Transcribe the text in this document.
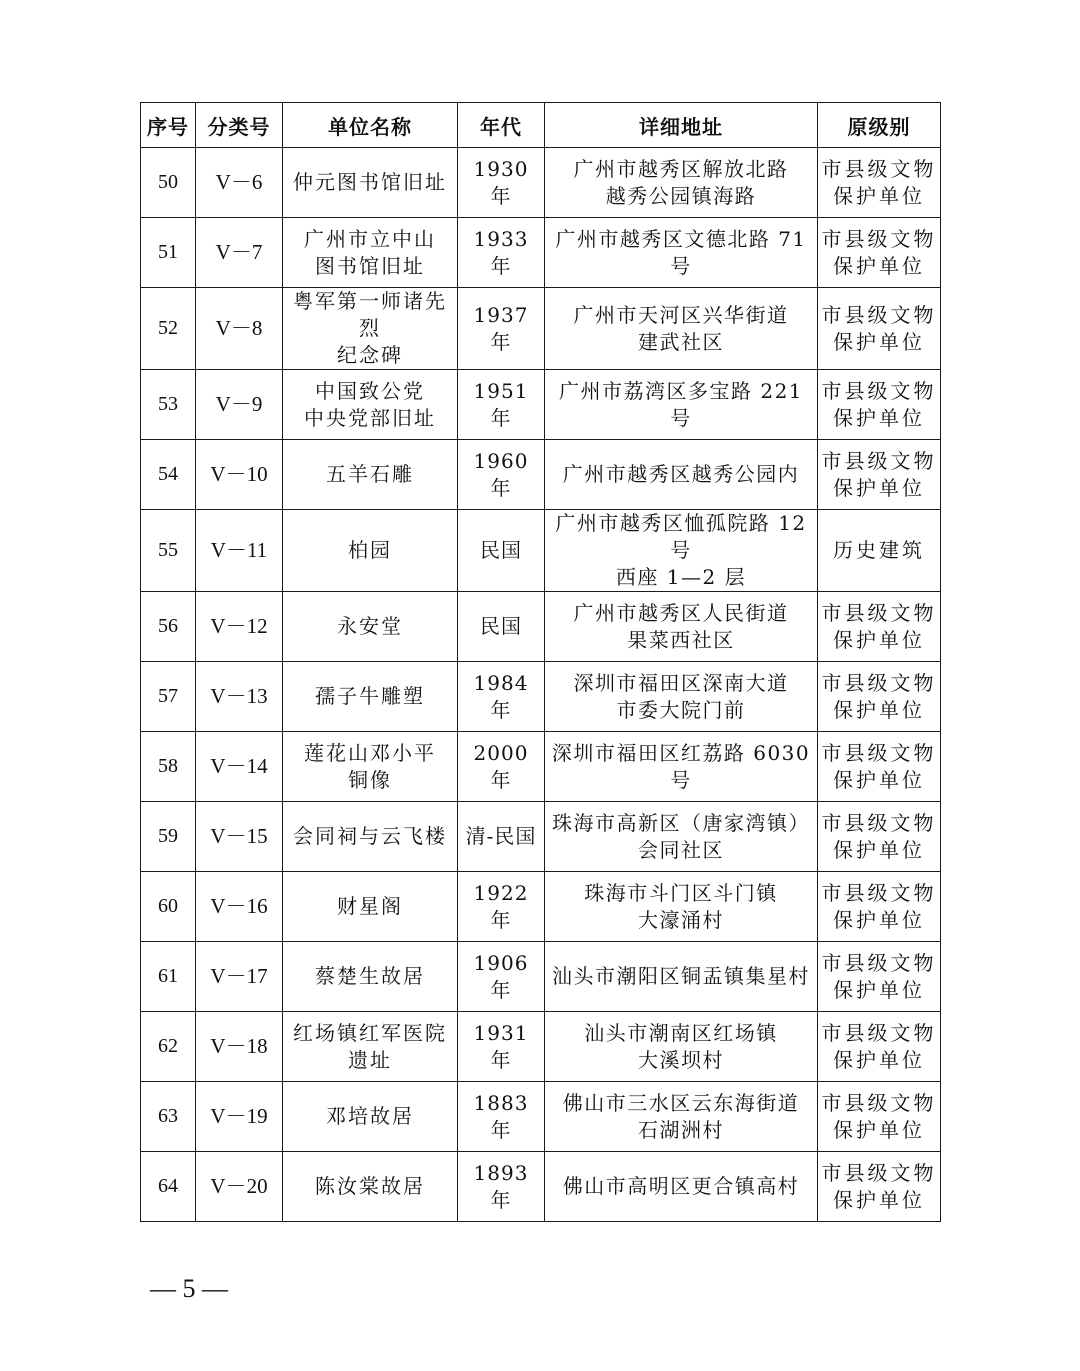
序号	分类号	单位名称	年代	详细地址	原级别
50	V－6	仲元图书馆旧址	1930 年	广州市越秀区解放北路
越秀公园镇海路	市县级文物
保护单位

51	V－7	广州市立中山
图书馆旧址	1933 年	广州市越秀区文德北路 71 号	市县级文物
保护单位

52	V－8	粤军第一师诸先烈
纪念碑	1937 年	广州市天河区兴华街道
建武社区	市县级文物
保护单位

53	V－9	中国致公党
中央党部旧址	1951 年	广州市荔湾区多宝路 221 号	市县级文物
保护单位

54	V－10	五羊石雕	1960 年	广州市越秀区越秀公园内	市县级文物
保护单位

55	V－11	柏园	民国	广州市越秀区恤孤院路 12 号
西座 1—2 层	历史建筑

56	V－12	永安堂	民国	广州市越秀区人民街道
果菜西社区	市县级文物
保护单位

57	V－13	孺子牛雕塑	1984 年	深圳市福田区深南大道
市委大院门前	市县级文物
保护单位

58	V－14	莲花山邓小平
铜像	2000 年	深圳市福田区红荔路 6030 号	市县级文物
保护单位

59	V－15	会同祠与云飞楼	清-民国	珠海市高新区（唐家湾镇）
会同社区	市县级文物
保护单位

60	V－16	财星阁	1922 年	珠海市斗门区斗门镇
大濠涌村	市县级文物
保护单位

61	V－17	蔡楚生故居	1906 年	汕头市潮阳区铜盂镇集星村	市县级文物
保护单位

62	V－18	红场镇红军医院
遗址	1931 年	汕头市潮南区红场镇
大溪坝村	市县级文物
保护单位

63	V－19	邓培故居	1883 年	佛山市三水区云东海街道
石湖洲村	市县级文物
保护单位

64	V－20	陈汝棠故居	1893 年	佛山市高明区更合镇高村	市县级文物
保护单位
— 5 —
